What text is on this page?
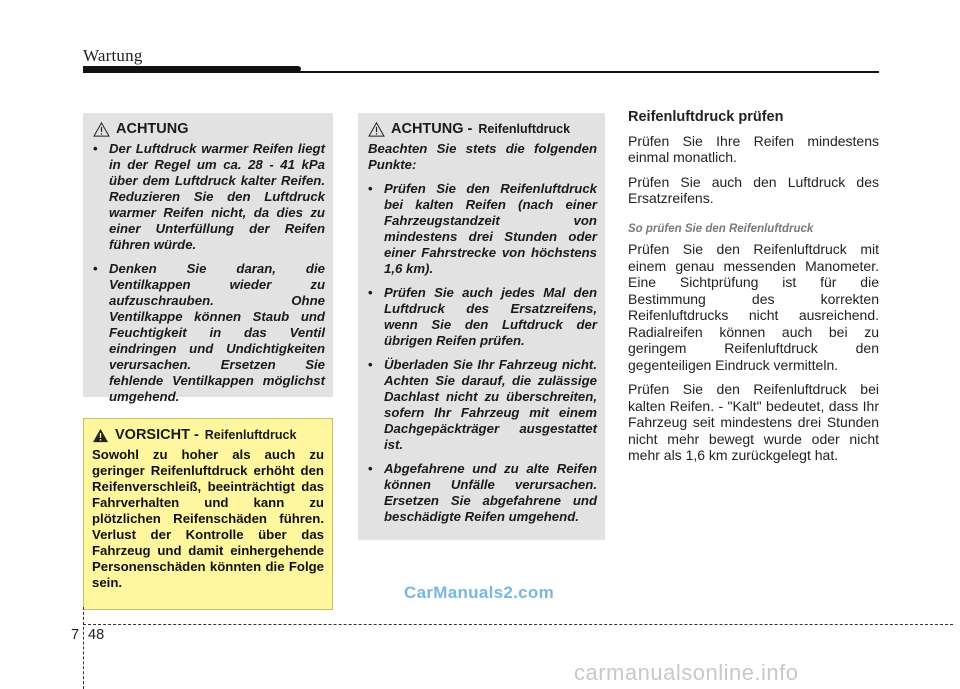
Wartung
ACHTUNG
• Der Luftdruck warmer Reifen liegt in der Regel um ca. 28 - 41 kPa über dem Luftdruck kalter Reifen. Reduzieren Sie den Luftdruck warmer Reifen nicht, da dies zu einer Unterfüllung der Reifen führen würde.
• Denken Sie daran, die Ventilkappen wieder zu aufzuschrauben. Ohne Ventilkappe können Staub und Feuchtigkeit in das Ventil eindringen und Undichtigkeiten verursachen. Ersetzen Sie fehlende Ventilkappen möglichst umgehend.
VORSICHT - Reifenluftdruck
Sowohl zu hoher als auch zu geringer Reifenluftdruck erhöht den Reifenverschleiß, beeinträchtigt das Fahrverhalten und kann zu plötzlichen Reifenschäden führen. Verlust der Kontrolle über das Fahrzeug und damit einhergehende Personenschäden könnten die Folge sein.
ACHTUNG - Reifenluftdruck
Beachten Sie stets die folgenden Punkte:
• Prüfen Sie den Reifenluftdruck bei kalten Reifen (nach einer Fahrzeugstandzeit von mindestens drei Stunden oder einer Fahrstrecke von höchstens 1,6 km).
• Prüfen Sie auch jedes Mal den Luftdruck des Ersatzreifens, wenn Sie den Luftdruck der übrigen Reifen prüfen.
• Überladen Sie Ihr Fahrzeug nicht. Achten Sie darauf, die zulässige Dachlast nicht zu überschreiten, sofern Ihr Fahrzeug mit einem Dachgepäckträger ausgestattet ist.
• Abgefahrene und zu alte Reifen können Unfälle verursachen. Ersetzen Sie abgefahrene und beschädigte Reifen umgehend.
Reifenluftdruck prüfen

Prüfen Sie Ihre Reifen mindestens einmal monatlich.

Prüfen Sie auch den Luftdruck des Ersatzreifens.

So prüfen Sie den Reifenluftdruck

Prüfen Sie den Reifenluftdruck mit einem genau messenden Manometer. Eine Sichtprüfung ist für die Bestimmung des korrekten Reifenluftdrucks nicht ausreichend. Radialreifen können auch bei zu geringem Reifenluftdruck den gegenteiligen Eindruck vermitteln.

Prüfen Sie den Reifenluftdruck bei kalten Reifen. - "Kalt" bedeutet, dass Ihr Fahrzeug seit mindestens drei Stunden nicht mehr bewegt wurde oder nicht mehr als 1,6 km zurückgelegt hat.

CarManuals2.com
7 48
carmanualsonline.info
